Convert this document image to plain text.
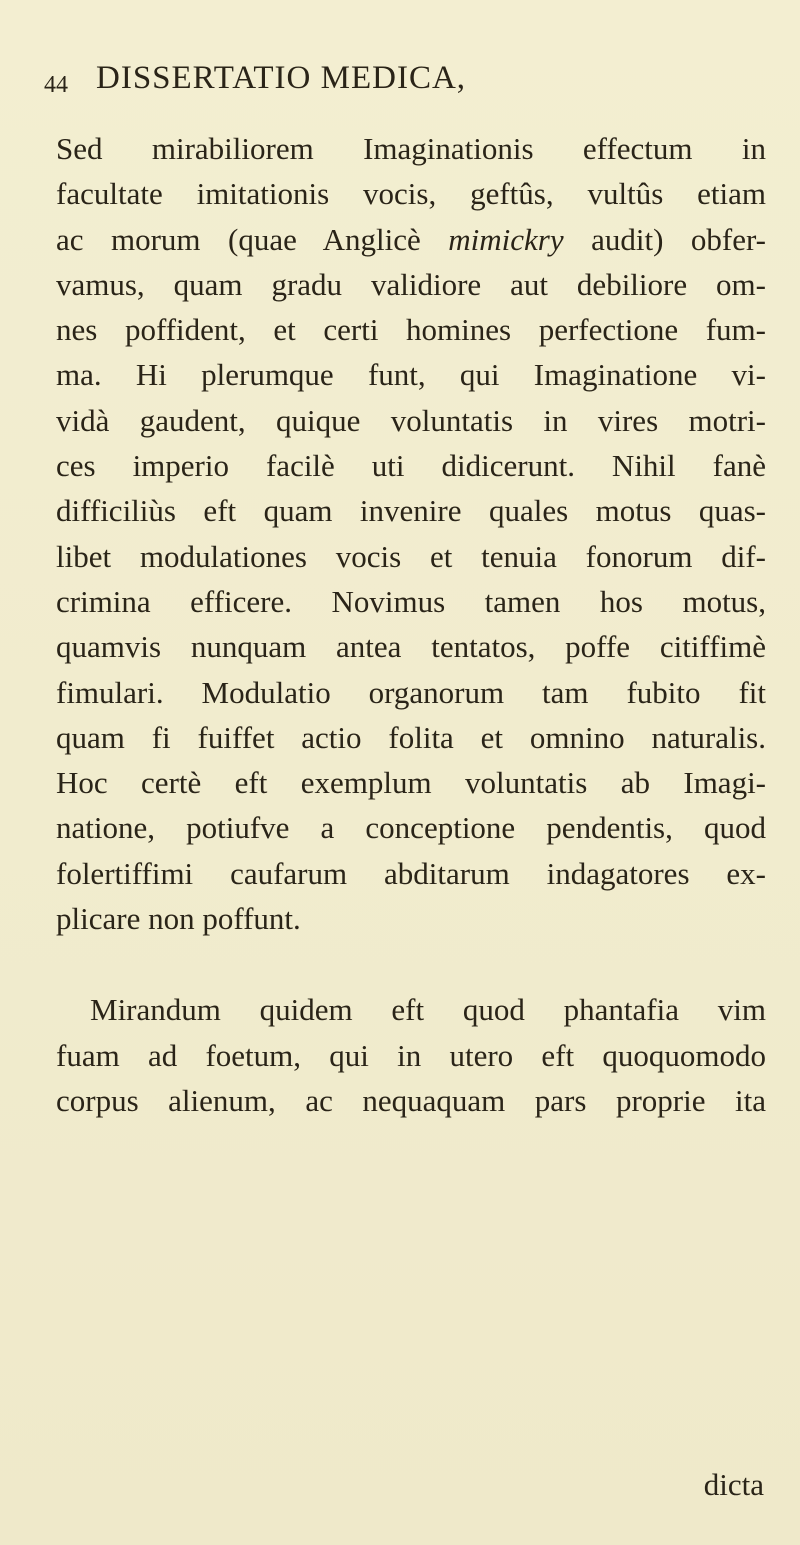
44 DISSERTATIO MEDICA,
Sed mirabiliorem Imaginationis effectum in
facultate imitationis vocis, geftûs, vultûs etiam
ac morum (quae Anglicè mimickry audit) obfer-
vamus, quam gradu validiore aut debiliore om-
nes poffident, et certi homines perfectione fum-
ma. Hi plerumque funt, qui Imaginatione vi-
vidà gaudent, quique voluntatis in vires motri-
ces imperio facilè uti didicerunt. Nihil fanè
difficiliùs eft quam invenire quales motus quas-
libet modulationes vocis et tenuia fonorum dif-
crimina efficere. Novimus tamen hos motus,
quamvis nunquam antea tentatos, poffe citiffimè
fimulari. Modulatio organorum tam fubito fit
quam fi fuiffet actio folita et omnino naturalis.
Hoc certè eft exemplum voluntatis ab Imagi-
natione, potiufve a conceptione pendentis, quod
folertiffimi caufarum abditarum indagatores ex-
plicare non poffunt.
Mirandum quidem eft quod phantafia vim
fuam ad foetum, qui in utero eft quoquomodo
corpus alienum, ac nequaquam pars proprie ita
dicta
